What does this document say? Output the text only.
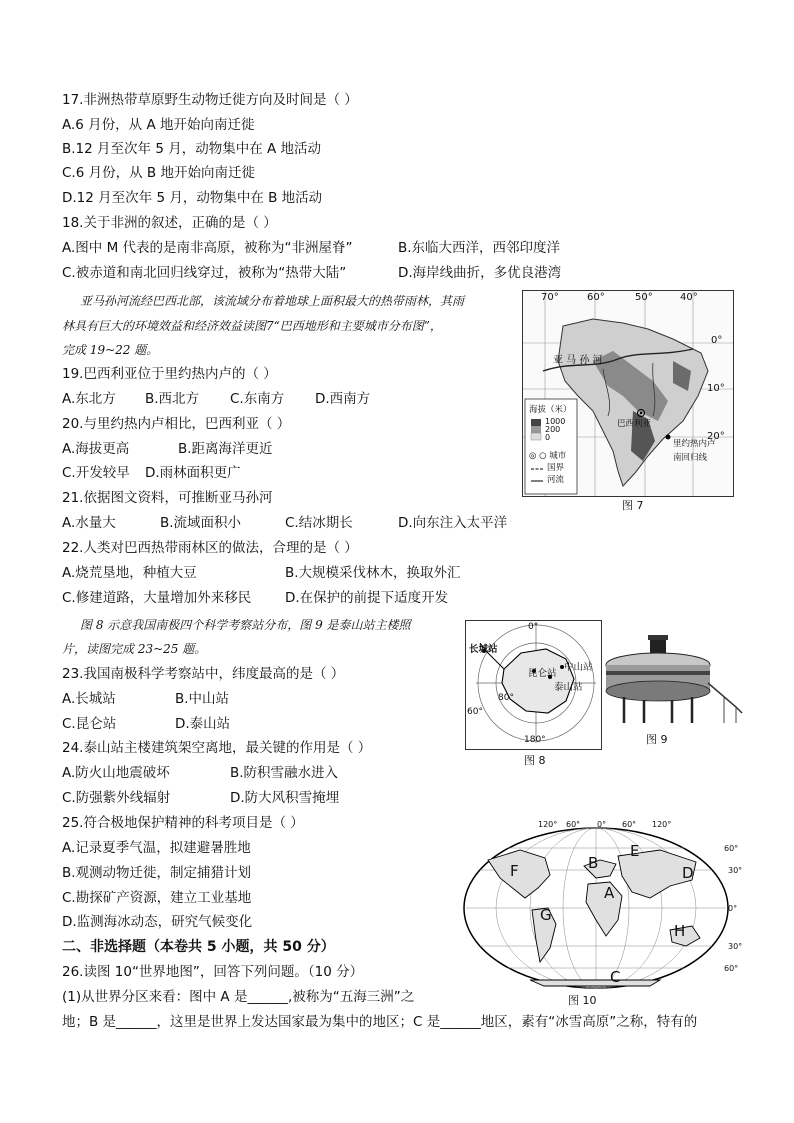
17.非洲热带草原野生动物迁徙方向及时间是（ ）
A.6 月份，从 A 地开始向南迁徙
B.12 月至次年 5 月，动物集中在 A 地活动
C.6 月份，从 B 地开始向南迁徙
D.12 月至次年 5 月，动物集中在 B 地活动
18.关于非洲的叙述，正确的是（ ）
A.图中 M 代表的是南非高原，被称为“非洲屋脊”	B.东临大西洋，西邻印度洋
C.被赤道和南北回归线穿过，被称为“热带大陆”	D.海岸线曲折，多优良港湾
亚马孙河流经巴西北部，该流域分布着地球上面积最大的热带雨林，其雨
林具有巨大的环境效益和经济效益读图7“巴西地形和主要城市分布图”，
完成 19~22 题。
19.巴西利亚位于里约热内卢的（ ）
A.东北方 B.西北方 C.东南方 D.西南方
20.与里约热内卢相比，巴西利亚（ ）
A.海拔更高	B.距离海洋更近
C.开发较早 D.雨林面积更广
21.依据图文资料，可推断亚马孙河
A.水量大	B.流域面积小	C.结冰期长	D.向东注入太平洋
22.人类对巴西热带雨林区的做法，合理的是（ ）
A.烧荒垦地，种植大豆	B.大规模采伐林木，换取外汇
C.修建道路，大量增加外来移民	D.在保护的前提下适度开发
图 8 示意我国南极四个科学考察站分布，图 9 是泰山站主楼照
片，读图完成 23~25 题。
23.我国南极科学考察站中，纬度最高的是（ ）
A.长城站	B.中山站
C.昆仑站	D.泰山站
24.泰山站主楼建筑架空离地，最关键的作用是（ ）
A.防火山地震破坏	B.防积雪融水进入
C.防强紫外线辐射	D.防大风积雪掩埋
25.符合极地保护精神的科考项目是（ ）
A.记录夏季气温，拟建避暑胜地
B.观测动物迁徙，制定捕猎计划
C.勘探矿产资源，建立工业基地
D.监测海冰动态，研究气候变化
二、非选择题（本卷共 5 小题，共 50 分）
26.读图 10“世界地图”，回答下列问题。（10 分）
(1)从世界分区来看：图中 A 是______,被称为“五海三洲”之
地；B 是______，这里是世界上发达国家最为集中的地区；C 是______地区，素有“冰雪高原”之称，特有的
70°	60°	50°	40°
0°
10°
20°
亚 马 孙 河
巴西利亚
里约热内卢
南回归线
海拔（米）
1000
200
0
◎ ○ 城市
国界
河流
图 7
长城站
昆仑站
中山站
泰山站
0°
60°
80°
180°
图 8
图 9
A
B
C
D
E
F
G
H
120° 60° 0° 60° 120°
60°
30°
0°
30°
60°
图 10
